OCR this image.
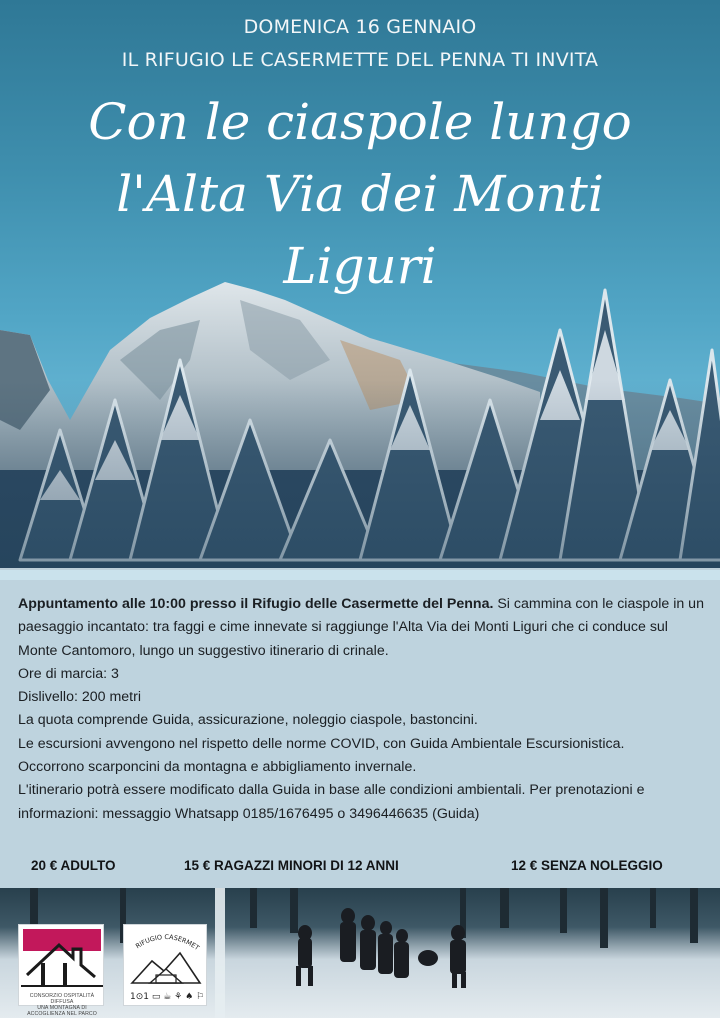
DOMENICA 16 GENNAIO
IL RIFUGIO LE CASERMETTE DEL PENNA TI INVITA
Con le ciaspole lungo
l'Alta Via dei Monti
Liguri

Appuntamento alle 10:00 presso il Rifugio delle Casermette del Penna. Si cammina con le ciaspole in un paesaggio incantato: tra faggi e cime innevate si raggiunge l'Alta Via dei Monti Liguri che ci conduce sul Monte Cantomoro, lungo un suggestivo itinerario di crinale.

Ore di marcia: 3

Dislivello: 200 metri

La quota comprende Guida, assicurazione, noleggio ciaspole, bastoncini.

Le escursioni avvengono nel rispetto delle norme COVID, con Guida Ambientale Escursionistica.

Occorrono scarponcini da montagna e abbigliamento invernale.

L'itinerario potrà essere modificato dalla Guida in base alle condizioni ambientali. Per prenotazioni e informazioni: messaggio Whatsapp 0185/1676495 o 3496446635 (Guida)

20 € ADULTO	15 € RAGAZZI MINORI DI 12 ANNI	12 € SENZA NOLEGGIO
CONSORZIO OSPITALITÀ DIFFUSA
UNA MONTAGNA DI ACCOGLIENZA NEL PARCO
RIFUGIO CASERMET
1⊙1 ▭ ☕ ⚘ ♠ ⚐
